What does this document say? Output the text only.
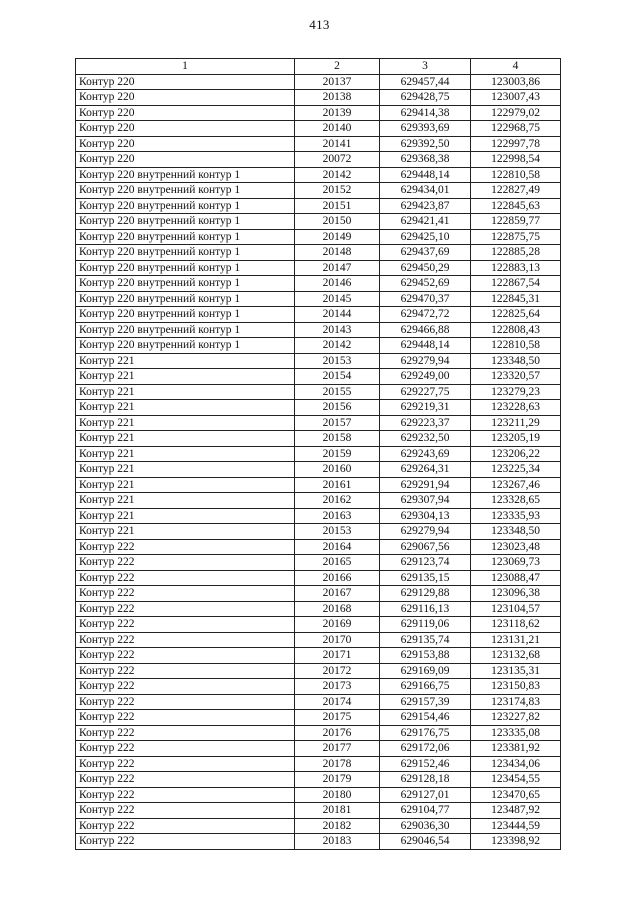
413
1	2	3	4
Контур 220	20137	629457,44	123003,86
Контур 220	20138	629428,75	123007,43
Контур 220	20139	629414,38	122979,02
Контур 220	20140	629393,69	122968,75
Контур 220	20141	629392,50	122997,78
Контур 220	20072	629368,38	122998,54
Контур 220 внутренний контур 1	20142	629448,14	122810,58
Контур 220 внутренний контур 1	20152	629434,01	122827,49
Контур 220 внутренний контур 1	20151	629423,87	122845,63
Контур 220 внутренний контур 1	20150	629421,41	122859,77
Контур 220 внутренний контур 1	20149	629425,10	122875,75
Контур 220 внутренний контур 1	20148	629437,69	122885,28
Контур 220 внутренний контур 1	20147	629450,29	122883,13
Контур 220 внутренний контур 1	20146	629452,69	122867,54
Контур 220 внутренний контур 1	20145	629470,37	122845,31
Контур 220 внутренний контур 1	20144	629472,72	122825,64
Контур 220 внутренний контур 1	20143	629466,88	122808,43
Контур 220 внутренний контур 1	20142	629448,14	122810,58
Контур 221	20153	629279,94	123348,50
Контур 221	20154	629249,00	123320,57
Контур 221	20155	629227,75	123279,23
Контур 221	20156	629219,31	123228,63
Контур 221	20157	629223,37	123211,29
Контур 221	20158	629232,50	123205,19
Контур 221	20159	629243,69	123206,22
Контур 221	20160	629264,31	123225,34
Контур 221	20161	629291,94	123267,46
Контур 221	20162	629307,94	123328,65
Контур 221	20163	629304,13	123335,93
Контур 221	20153	629279,94	123348,50
Контур 222	20164	629067,56	123023,48
Контур 222	20165	629123,74	123069,73
Контур 222	20166	629135,15	123088,47
Контур 222	20167	629129,88	123096,38
Контур 222	20168	629116,13	123104,57
Контур 222	20169	629119,06	123118,62
Контур 222	20170	629135,74	123131,21
Контур 222	20171	629153,88	123132,68
Контур 222	20172	629169,09	123135,31
Контур 222	20173	629166,75	123150,83
Контур 222	20174	629157,39	123174,83
Контур 222	20175	629154,46	123227,82
Контур 222	20176	629176,75	123335,08
Контур 222	20177	629172,06	123381,92
Контур 222	20178	629152,46	123434,06
Контур 222	20179	629128,18	123454,55
Контур 222	20180	629127,01	123470,65
Контур 222	20181	629104,77	123487,92
Контур 222	20182	629036,30	123444,59
Контур 222	20183	629046,54	123398,92
